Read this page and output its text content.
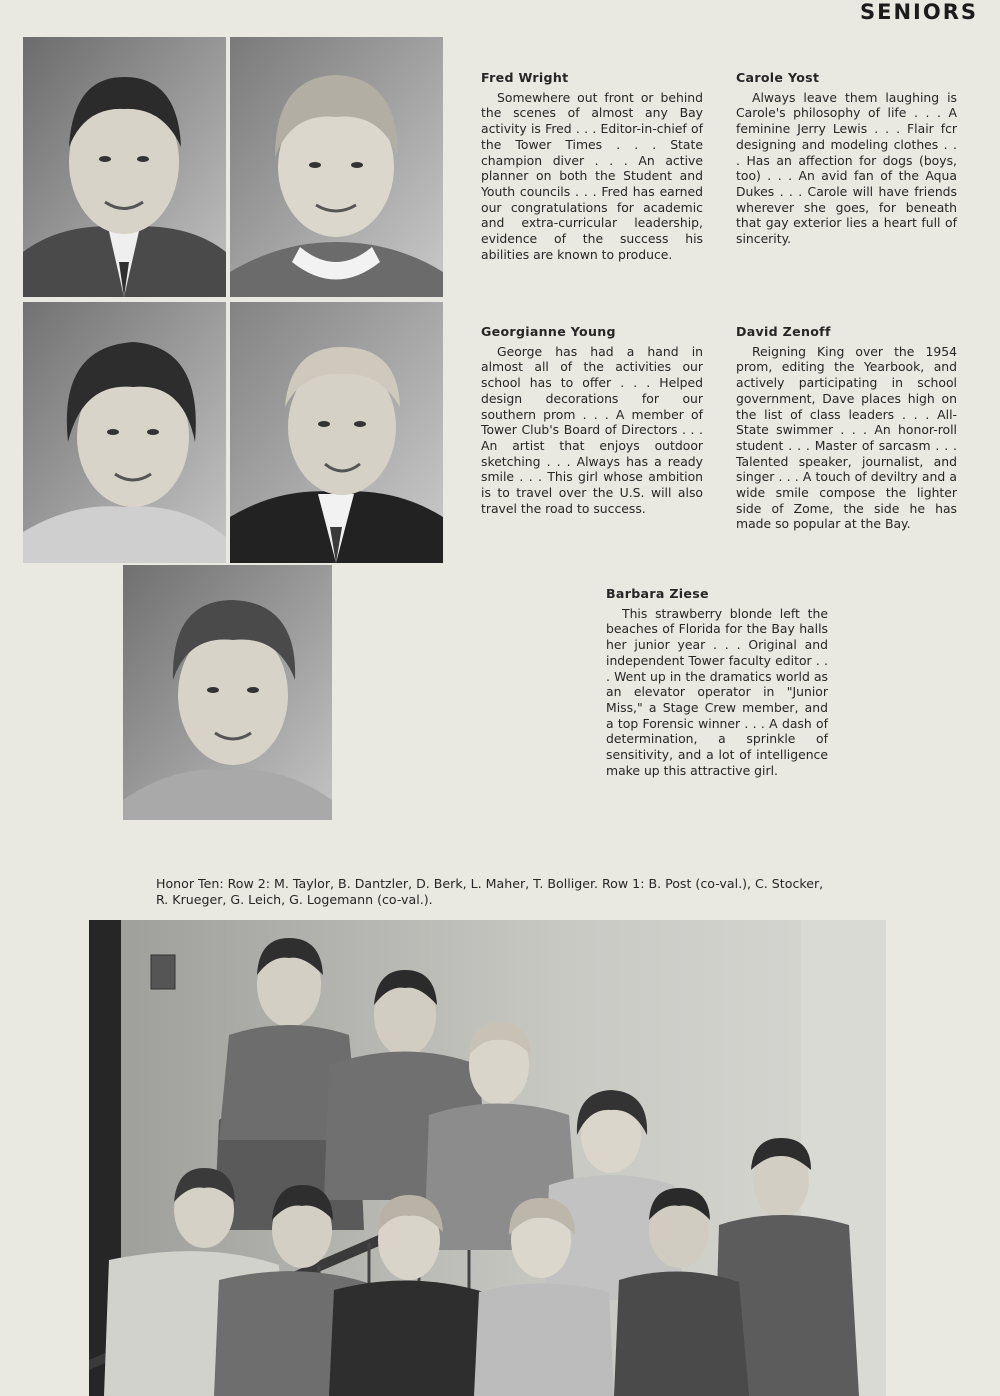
SENIORS
Fred Wright
Somewhere out front or behind the scenes of almost any Bay activity is Fred . . . Editor-in-chief of the Tower Times . . . State champion diver . . . An active planner on both the Student and Youth councils . . . Fred has earned our congratulations for academic and extra-curricular leadership, evidence of the success his abilities are known to produce.
Carole Yost
Always leave them laughing is Carole's philosophy of life . . . A feminine Jerry Lewis . . . Flair fcr designing and modeling clothes . . . Has an affection for dogs (boys, too) . . . An avid fan of the Aqua Dukes . . . Carole will have friends wherever she goes, for beneath that gay exterior lies a heart full of sincerity.
Georgianne Young
George has had a hand in almost all of the activities our school has to offer . . . Helped design decorations for our southern prom . . . A member of Tower Club's Board of Directors . . . An artist that enjoys outdoor sketching . . . Always has a ready smile . . . This girl whose ambition is to travel over the U.S. will also travel the road to success.
David Zenoff
Reigning King over the 1954 prom, editing the Yearbook, and actively participating in school government, Dave places high on the list of class leaders . . . All-State swimmer . . . An honor-roll student . . . Master of sarcasm . . . Talented speaker, journalist, and singer . . . A touch of deviltry and a wide smile compose the lighter side of Zome, the side he has made so popular at the Bay.
Barbara Ziese
This strawberry blonde left the beaches of Florida for the Bay halls her junior year . . . Original and independent Tower faculty editor . . . Went up in the dramatics world as an elevator operator in "Junior Miss," a Stage Crew member, and a top Forensic winner . . . A dash of determination, a sprinkle of sensitivity, and a lot of intelligence make up this attractive girl.
Honor Ten: Row 2: M. Taylor, B. Dantzler, D. Berk, L. Maher, T. Bolliger. Row 1: B. Post (co-val.), C. Stocker, R. Krueger, G. Leich, G. Logemann (co-val.).
